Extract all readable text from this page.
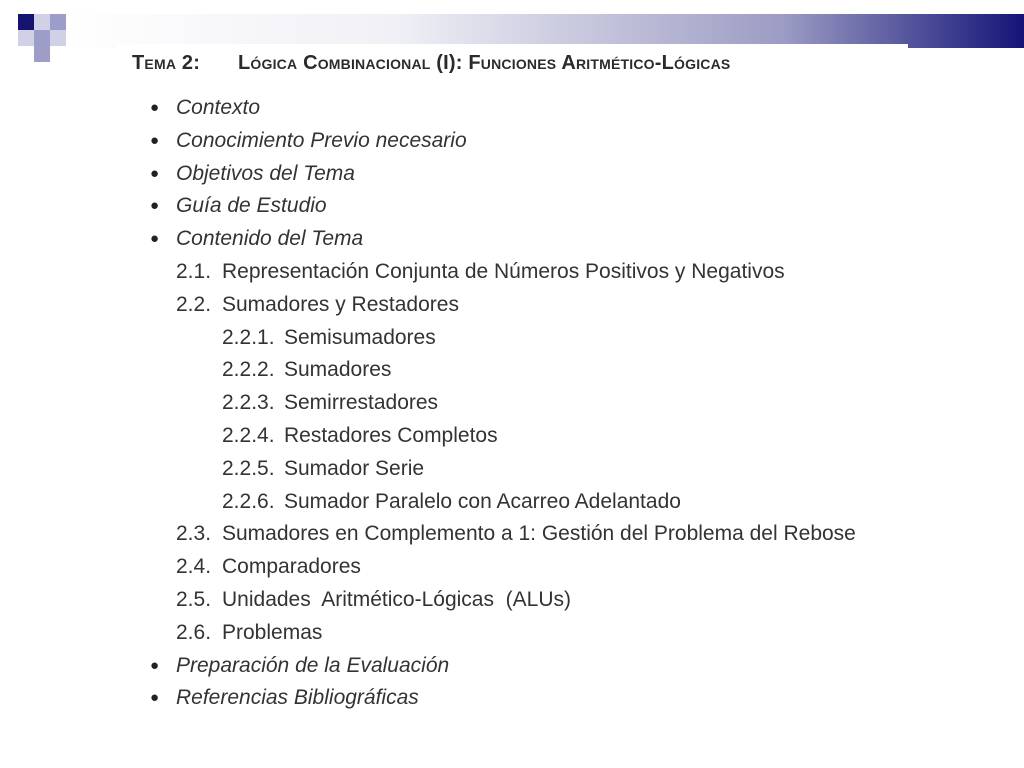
Tema 2: Lógica Combinacional (I): Funciones Aritmético-Lógicas
● Contexto
● Conocimiento Previo necesario
● Objetivos del Tema
● Guía de Estudio
● Contenido del Tema
2.1. Representación Conjunta de Números Positivos y Negativos
2.2. Sumadores y Restadores
2.2.1. Semisumadores
2.2.2. Sumadores
2.2.3. Semirrestadores
2.2.4. Restadores Completos
2.2.5. Sumador Serie
2.2.6. Sumador Paralelo con Acarreo Adelantado
2.3. Sumadores en Complemento a 1: Gestión del Problema del Rebose
2.4. Comparadores
2.5. Unidades  Aritmético-Lógicas  (ALUs)
2.6. Problemas
● Preparación de la Evaluación
● Referencias Bibliográficas
